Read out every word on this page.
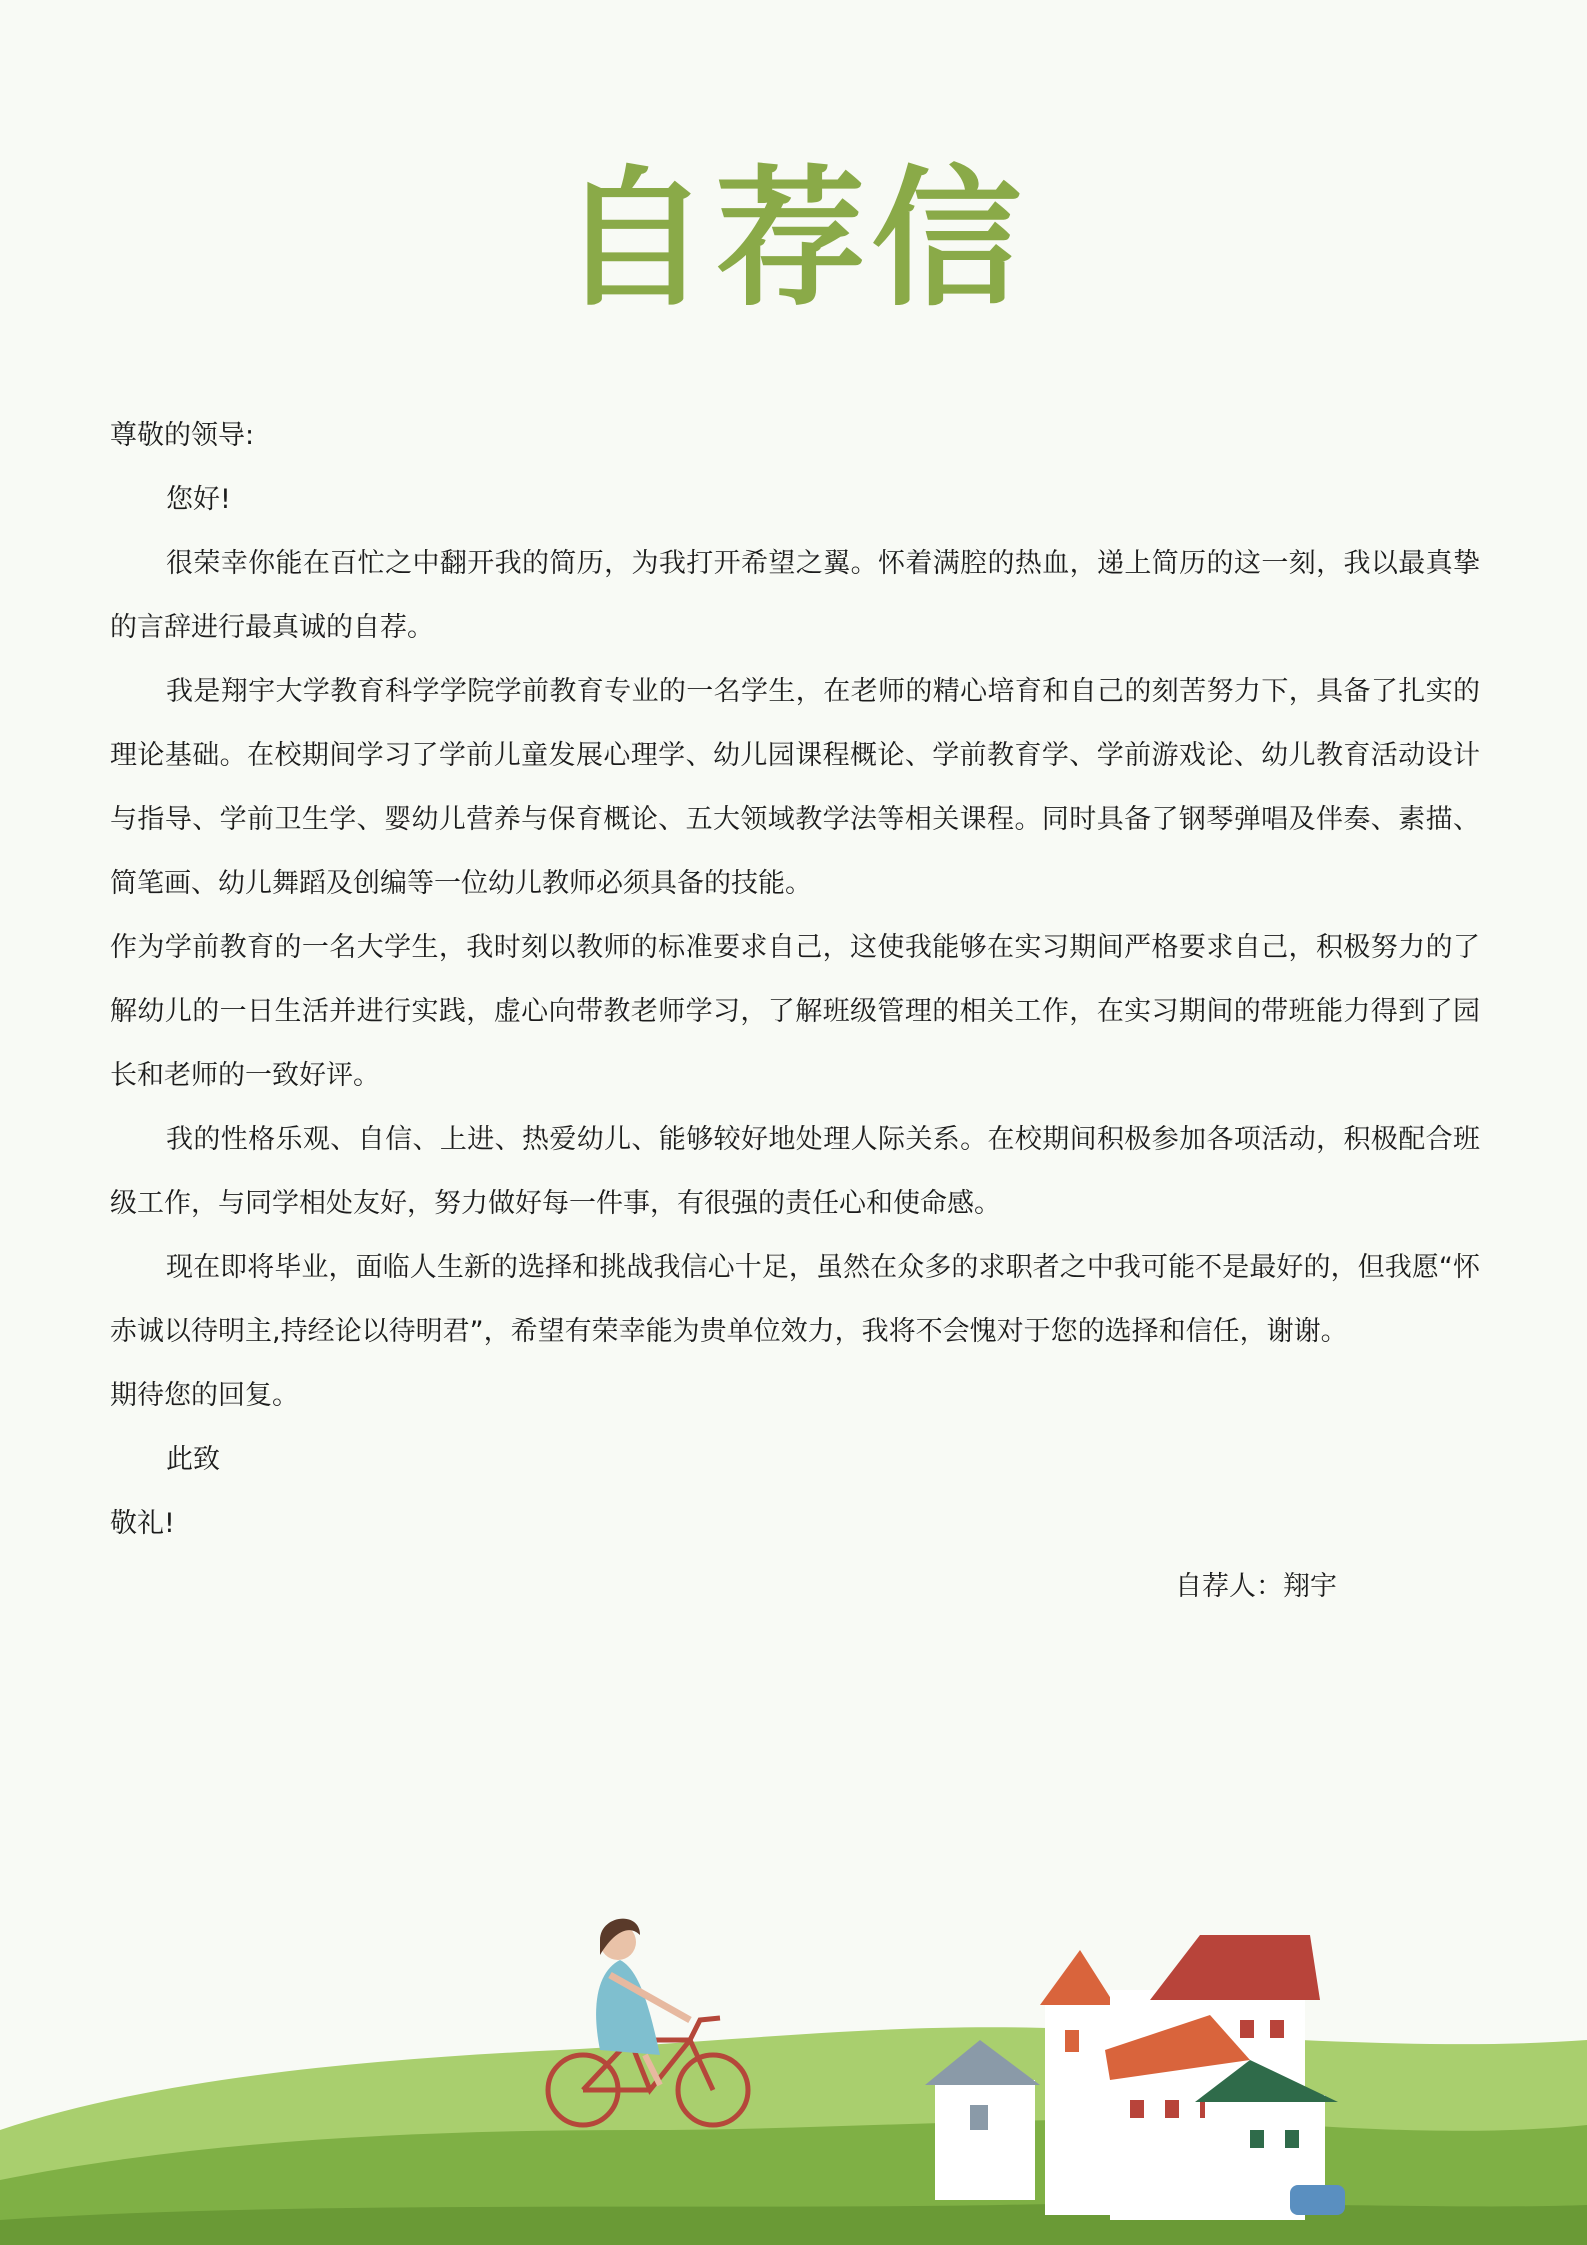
自荐信

尊敬的领导:

您好!

很荣幸你能在百忙之中翻开我的简历，为我打开希望之翼。怀着满腔的热血，递上简历的这一刻，我以最真挚的言辞进行最真诚的自荐。

我是翔宇大学教育科学学院学前教育专业的一名学生，在老师的精心培育和自己的刻苦努力下，具备了扎实的理论基础。在校期间学习了学前儿童发展心理学、幼儿园课程概论、学前教育学、学前游戏论、幼儿教育活动设计与指导、学前卫生学、婴幼儿营养与保育概论、五大领域教学法等相关课程。同时具备了钢琴弹唱及伴奏、素描、简笔画、幼儿舞蹈及创编等一位幼儿教师必须具备的技能。

作为学前教育的一名大学生，我时刻以教师的标准要求自己，这使我能够在实习期间严格要求自己，积极努力的了解幼儿的一日生活并进行实践，虚心向带教老师学习，了解班级管理的相关工作，在实习期间的带班能力得到了园长和老师的一致好评。

我的性格乐观、自信、上进、热爱幼儿、能够较好地处理人际关系。在校期间积极参加各项活动，积极配合班级工作，与同学相处友好，努力做好每一件事，有很强的责任心和使命感。

现在即将毕业，面临人生新的选择和挑战我信心十足，虽然在众多的求职者之中我可能不是最好的，但我愿“怀赤诚以待明主,持经论以待明君”，希望有荣幸能为贵单位效力，我将不会愧对于您的选择和信任，谢谢。

期待您的回复。

此致

敬礼!

自荐人：翔宇
